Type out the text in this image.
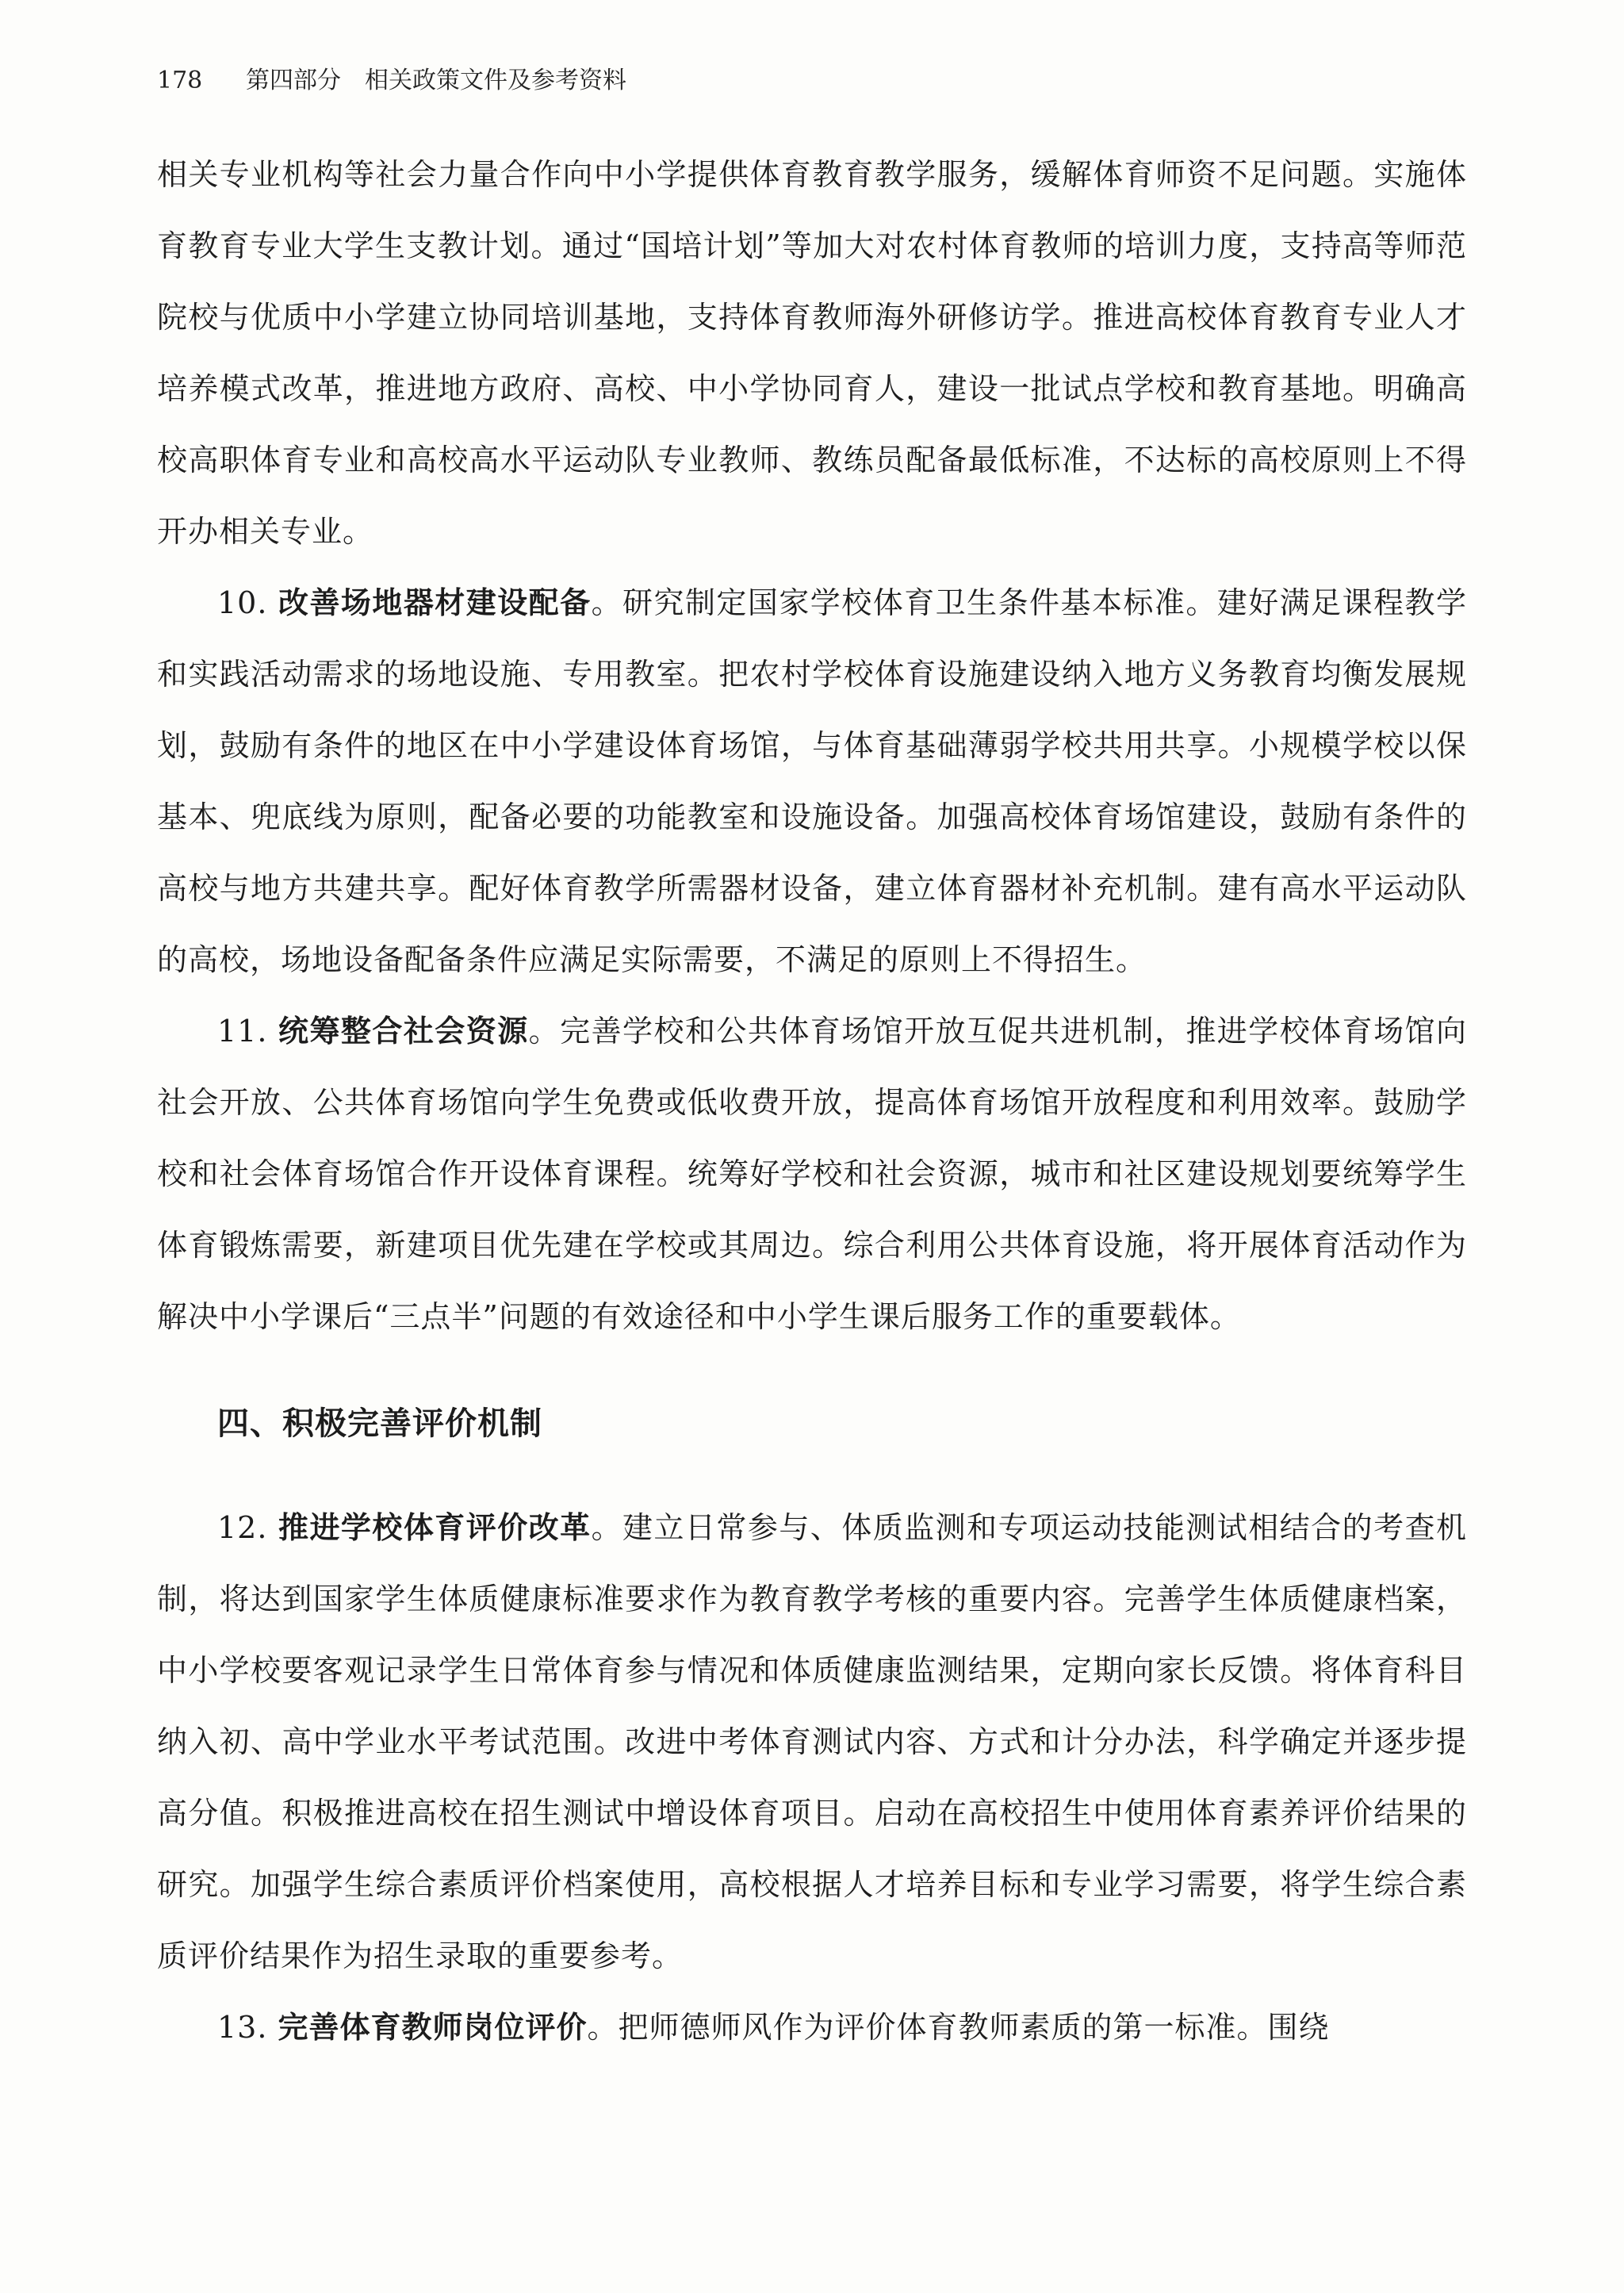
178 第四部分　相关政策文件及参考资料

相关专业机构等社会力量合作向中小学提供体育教育教学服务，缓解体育师资不足问题。实施体育教育专业大学生支教计划。通过“国培计划”等加大对农村体育教师的培训力度，支持高等师范院校与优质中小学建立协同培训基地，支持体育教师海外研修访学。推进高校体育教育专业人才培养模式改革，推进地方政府、高校、中小学协同育人，建设一批试点学校和教育基地。明确高校高职体育专业和高校高水平运动队专业教师、教练员配备最低标准，不达标的高校原则上不得开办相关专业。

10. 改善场地器材建设配备。研究制定国家学校体育卫生条件基本标准。建好满足课程教学和实践活动需求的场地设施、专用教室。把农村学校体育设施建设纳入地方义务教育均衡发展规划，鼓励有条件的地区在中小学建设体育场馆，与体育基础薄弱学校共用共享。小规模学校以保基本、兜底线为原则，配备必要的功能教室和设施设备。加强高校体育场馆建设，鼓励有条件的高校与地方共建共享。配好体育教学所需器材设备，建立体育器材补充机制。建有高水平运动队的高校，场地设备配备条件应满足实际需要，不满足的原则上不得招生。

11. 统筹整合社会资源。完善学校和公共体育场馆开放互促共进机制，推进学校体育场馆向社会开放、公共体育场馆向学生免费或低收费开放，提高体育场馆开放程度和利用效率。鼓励学校和社会体育场馆合作开设体育课程。统筹好学校和社会资源，城市和社区建设规划要统筹学生体育锻炼需要，新建项目优先建在学校或其周边。综合利用公共体育设施，将开展体育活动作为解决中小学课后“三点半”问题的有效途径和中小学生课后服务工作的重要载体。

四、积极完善评价机制

12. 推进学校体育评价改革。建立日常参与、体质监测和专项运动技能测试相结合的考查机制，将达到国家学生体质健康标准要求作为教育教学考核的重要内容。完善学生体质健康档案，中小学校要客观记录学生日常体育参与情况和体质健康监测结果，定期向家长反馈。将体育科目纳入初、高中学业水平考试范围。改进中考体育测试内容、方式和计分办法，科学确定并逐步提高分值。积极推进高校在招生测试中增设体育项目。启动在高校招生中使用体育素养评价结果的研究。加强学生综合素质评价档案使用，高校根据人才培养目标和专业学习需要，将学生综合素质评价结果作为招生录取的重要参考。

13. 完善体育教师岗位评价。把师德师风作为评价体育教师素质的第一标准。围绕
